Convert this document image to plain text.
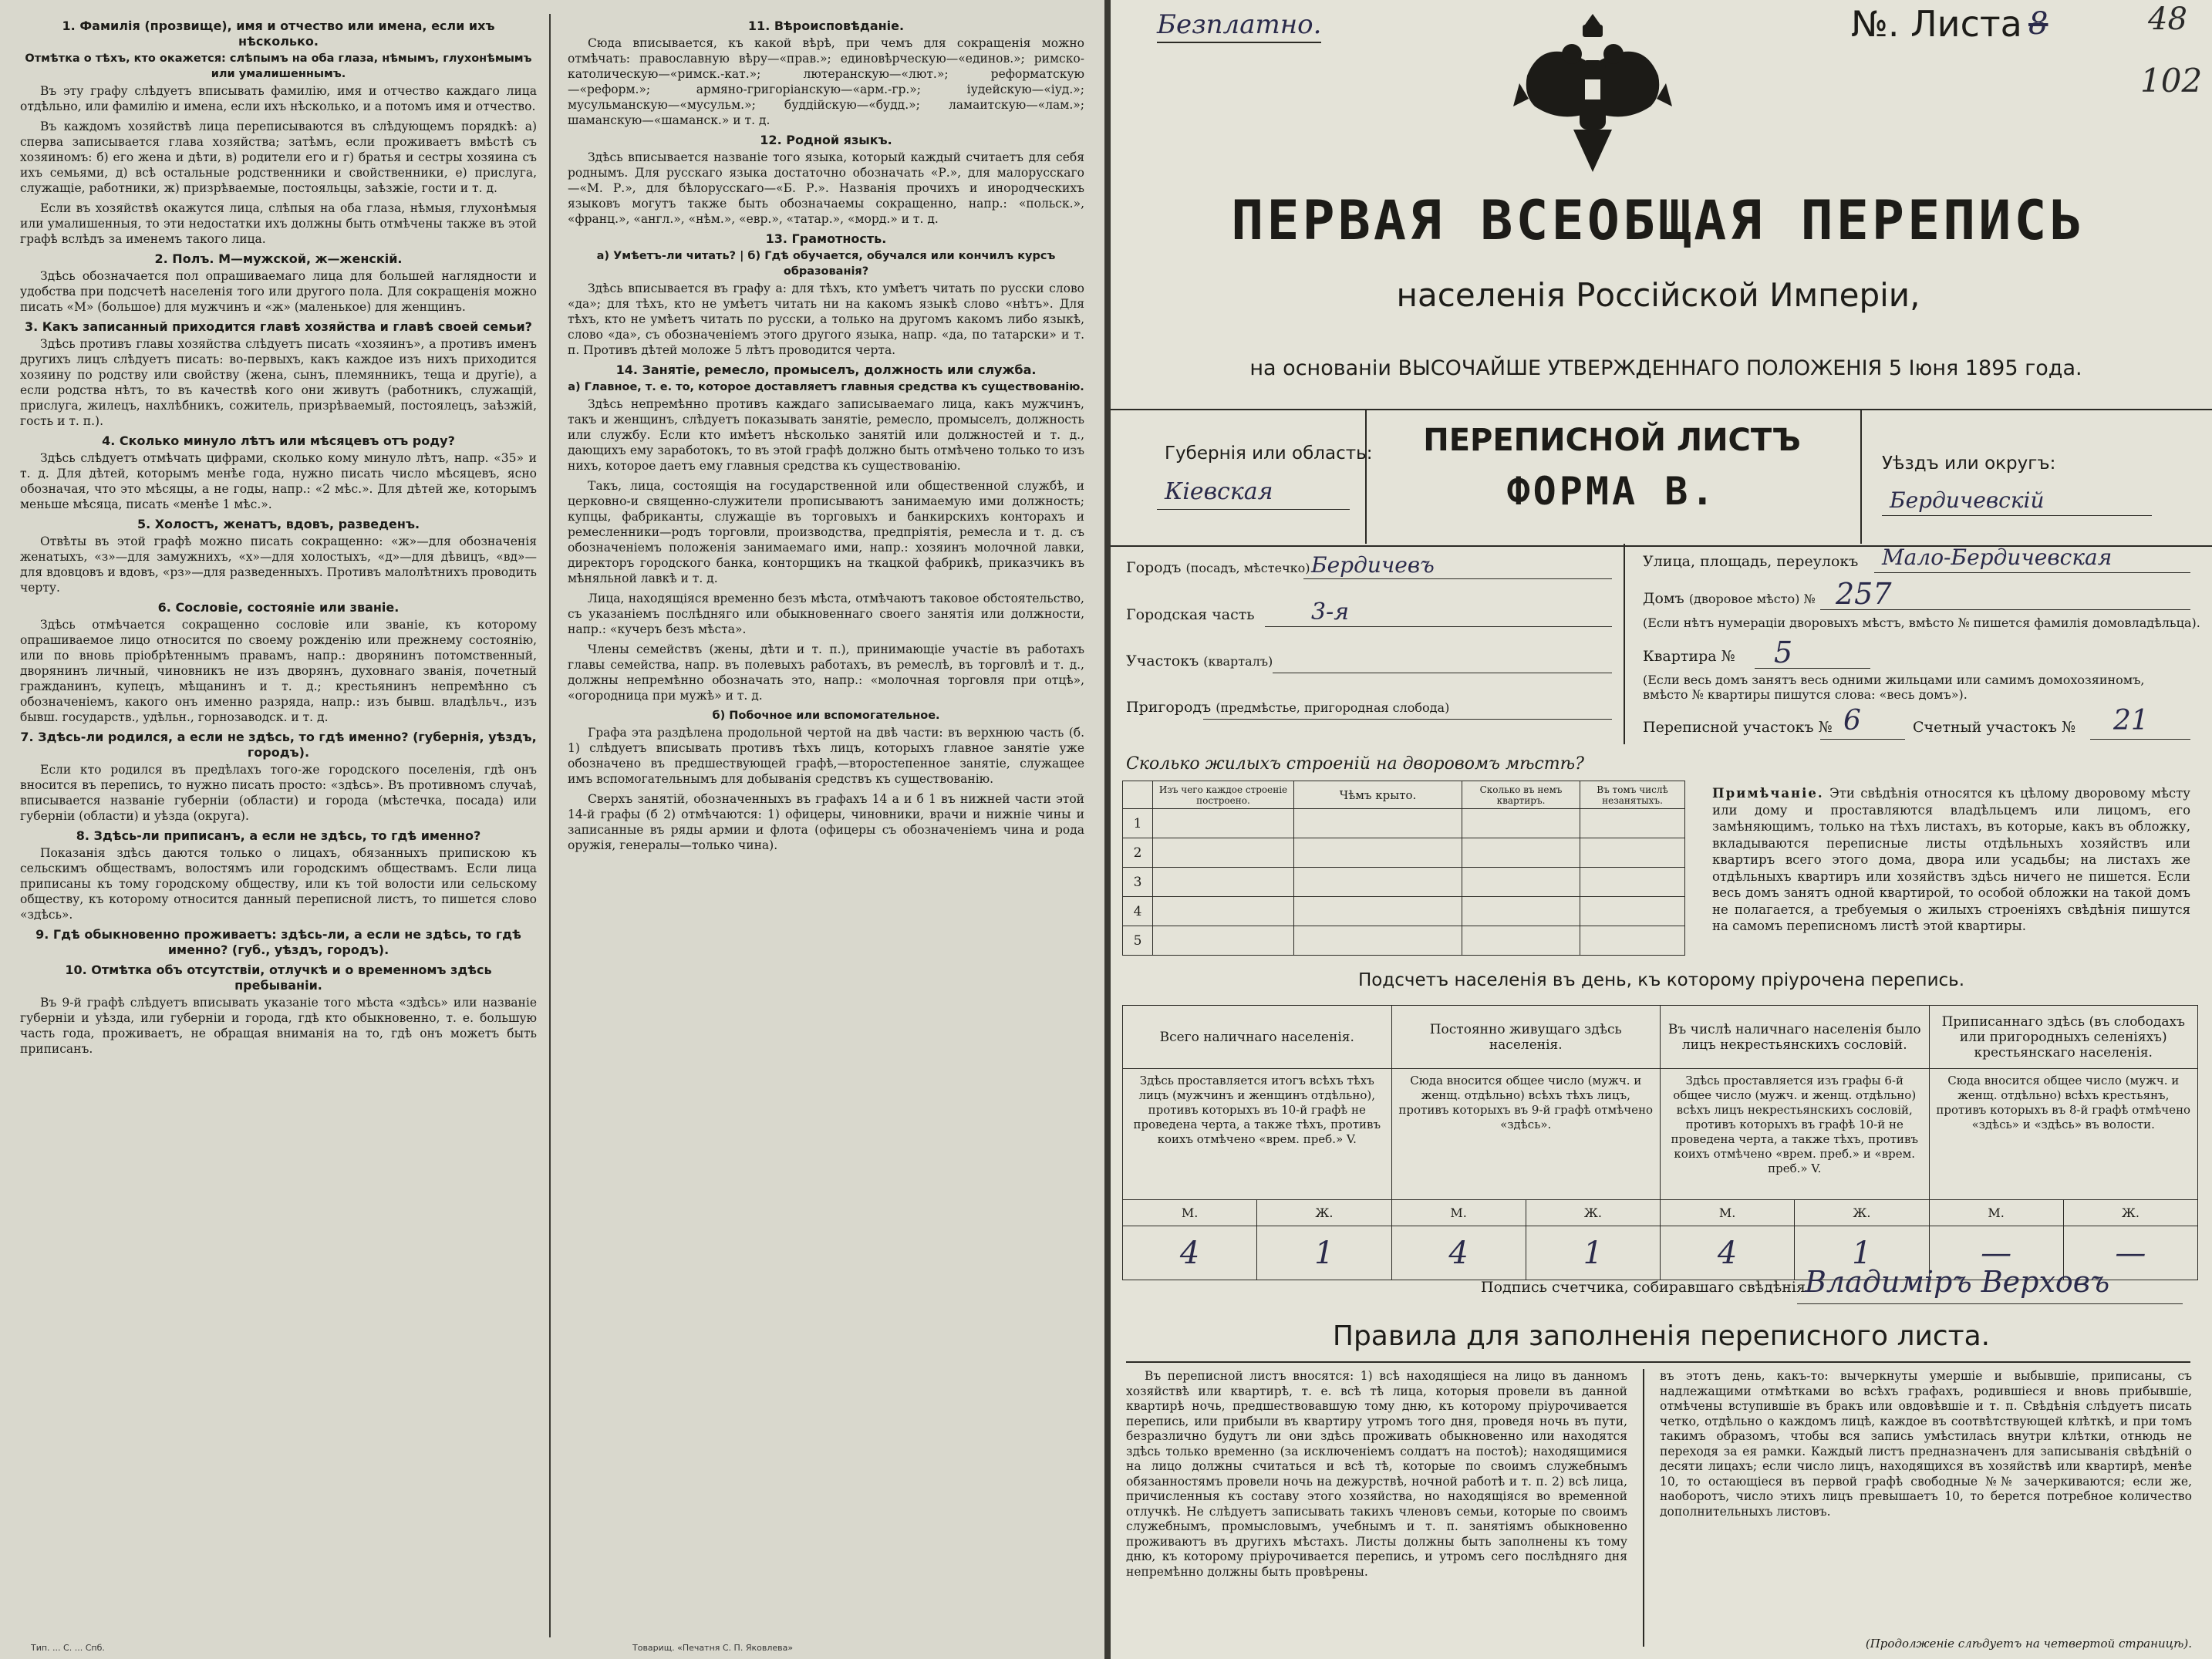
1. Фамилія (прозвище), имя и отчество или имена, если ихъ нѣсколько.
Отмѣтка о тѣхъ, кто окажется: слѣпымъ на оба глаза, нѣмымъ, глухонѣмымъ или умалишеннымъ.

Въ эту графу слѣдуетъ вписывать фамилію, имя и отчество каждаго лица отдѣльно, или фамилію и имена, если ихъ нѣсколько, и а потомъ имя и отчество.

Въ каждомъ хозяйствѣ лица переписываются въ слѣдующемъ порядкѣ: а) сперва записывается глава хозяйства; затѣмъ, если проживаетъ вмѣстѣ съ хозяиномъ: б) его жена и дѣти, в) родители его и г) братья и сестры хозяина съ ихъ семьями, д) всѣ остальные родственники и свойственники, е) прислуга, служащіе, работники, ж) призрѣваемые, постояльцы, заѣзжіе, гости и т. д.

Если въ хозяйствѣ окажутся лица, слѣпыя на оба глаза, нѣмыя, глухонѣмыя или умалишенныя, то эти недостатки ихъ должны быть отмѣчены также въ этой графѣ вслѣдъ за именемъ такого лица.

2. Полъ. М—мужской, ж—женскій.

Здѣсь обозначается пол опрашиваемаго лица для большей наглядности и удобства при подсчетѣ населенія того или другого пола. Для сокращенія можно писать «М» (большое) для мужчинъ и «ж» (маленькое) для женщинъ.

3. Какъ записанный приходится главѣ хозяйства и главѣ своей семьи?

Здѣсь противъ главы хозяйства слѣдуетъ писать «хозяинъ», а противъ именъ другихъ лицъ слѣдуетъ писать: во-первыхъ, какъ каждое изъ нихъ приходится хозяину по родству или свойству (жена, сынъ, племянникъ, теща и другіе), а если родства нѣтъ, то въ качествѣ кого они живутъ (работникъ, служащій, прислуга, жилецъ, нахлѣбникъ, сожитель, призрѣваемый, постоялецъ, заѣзжій, гость и т. п.).

4. Сколько минуло лѣтъ или мѣсяцевъ отъ роду?

Здѣсь слѣдуетъ отмѣчать цифрами, сколько кому минуло лѣтъ, напр. «35» и т. д. Для дѣтей, которымъ менѣе года, нужно писать число мѣсяцевъ, ясно обозначая, что это мѣсяцы, а не годы, напр.: «2 мѣс.». Для дѣтей же, которымъ меньше мѣсяца, писать «менѣе 1 мѣс.».

5. Холостъ, женатъ, вдовъ, разведенъ.

Отвѣты въ этой графѣ можно писать сокращенно: «ж»—для обозначенія женатыхъ, «з»—для замужнихъ, «х»—для холостыхъ, «д»—для дѣвицъ, «вд»—для вдовцовъ и вдовъ, «рз»—для разведенныхъ. Противъ малолѣтнихъ проводить черту.

6. Сословіе, состояніе или званіе.

Здѣсь отмѣчается сокращенно сословіе или званіе, къ которому опрашиваемое лицо относится по своему рожденію или прежнему состоянію, или по вновь пріобрѣтеннымъ правамъ, напр.: дворянинъ потомственный, дворянинъ личный, чиновникъ не изъ дворянъ, духовнаго званія, почетный гражданинъ, купецъ, мѣщанинъ и т. д.; крестьянинъ непремѣнно съ обозначеніемъ, какого онъ именно разряда, напр.: изъ бывш. владѣльч., изъ бывш. государств., удѣльн., горнозаводск. и т. д.

7. Здѣсь-ли родился, а если не здѣсь, то гдѣ именно? (губернія, уѣздъ, городъ).

Если кто родился въ предѣлахъ того-же городского поселенія, гдѣ онъ вносится въ перепись, то нужно писать просто: «здѣсь». Въ противномъ случаѣ, вписывается названіе губерніи (области) и города (мѣстечка, посада) или губерніи (области) и уѣзда (округа).

8. Здѣсь-ли приписанъ, а если не здѣсь, то гдѣ именно?

Показанія здѣсь даются только о лицахъ, обязанныхъ припискою къ сельскимъ обществамъ, волостямъ или городскимъ обществамъ. Если лица приписаны къ тому городскому обществу, или къ той волости или сельскому обществу, къ которому относится данный переписной листъ, то пишется слово «здѣсь».

9. Гдѣ обыкновенно проживаетъ: здѣсь-ли, а если не здѣсь, то гдѣ именно? (губ., уѣздъ, городъ).
10. Отмѣтка объ отсутствіи, отлучкѣ и о временномъ здѣсь пребываніи.

Въ 9-й графѣ слѣдуетъ вписывать указаніе того мѣста «здѣсь» или названіе губерніи и уѣзда, или губерніи и города, гдѣ кто обыкновенно, т. е. большую часть года, проживаетъ, не обращая вниманія на то, гдѣ онъ можетъ быть приписанъ.

11. Вѣроисповѣданіе.

Сюда вписывается, къ какой вѣрѣ, при чемъ для сокращенія можно отмѣчать: православную вѣру—«прав.»; единовѣрческую—«единов.»; римско-католическую—«римск.-кат.»; лютеранскую—«лют.»; реформатскую—«реформ.»; армяно-григоріанскую—«арм.-гр.»; іудейскую—«іуд.»; мусульманскую—«мусульм.»; буддійскую—«будд.»; ламаитскую—«лам.»; шаманскую—«шаманск.» и т. д.

12. Родной языкъ.

Здѣсь вписывается названіе того языка, который каждый считаетъ для себя роднымъ. Для русскаго языка достаточно обозначать «Р.», для малорусскаго—«М. Р.», для бѣлорусскаго—«Б. Р.». Названія прочихъ и инородческихъ языковъ могутъ также быть обозначаемы сокращенно, напр.: «польск.», «франц.», «англ.», «нѣм.», «евр.», «татар.», «морд.» и т. д.

13. Грамотность.
а) Умѣетъ-ли читать? | б) Гдѣ обучается, обучался или кончилъ курсъ образованія?

Здѣсь вписывается въ графу а: для тѣхъ, кто умѣетъ читать по русски слово «да»; для тѣхъ, кто не умѣетъ читать ни на какомъ языкѣ слово «нѣтъ». Для тѣхъ, кто не умѣетъ читать по русски, а только на другомъ какомъ либо языкѣ, слово «да», съ обозначеніемъ этого другого языка, напр. «да, по татарски» и т. п. Противъ дѣтей моложе 5 лѣтъ проводится черта.

14. Занятіе, ремесло, промыселъ, должность или служба.
а) Главное, т. е. то, которое доставляетъ главныя средства къ существованію.

Здѣсь непремѣнно противъ каждаго записываемаго лица, какъ мужчинъ, такъ и женщинъ, слѣдуетъ показывать занятіе, ремесло, промыселъ, должность или службу. Если кто имѣетъ нѣсколько занятій или должностей и т. д., дающихъ ему заработокъ, то въ этой графѣ должно быть отмѣчено только то изъ нихъ, которое даетъ ему главныя средства къ существованію.

Такъ, лица, состоящія на государственной или общественной службѣ, и церковно-и священно-служители прописываютъ занимаемую ими должность; купцы, фабриканты, служащіе въ торговыхъ и банкирскихъ конторахъ и ремесленники—родъ торговли, производства, предпріятія, ремесла и т. д. съ обозначеніемъ положенія занимаемаго ими, напр.: хозяинъ молочной лавки, директоръ городского банка, конторщикъ на ткацкой фабрикѣ, приказчикъ въ мѣняльной лавкѣ и т. д.

Лица, находящіяся временно безъ мѣста, отмѣчаютъ таковое обстоятельство, съ указаніемъ послѣдняго или обыкновеннаго своего занятія или должности, напр.: «кучеръ безъ мѣста».

Члены семействъ (жены, дѣти и т. п.), принимающіе участіе въ работахъ главы семейства, напр. въ полевыхъ работахъ, въ ремеслѣ, въ торговлѣ и т. д., должны непремѣнно обозначать это, напр.: «молочная торговля при отцѣ», «огородница при мужѣ» и т. д.

б) Побочное или вспомогательное.

Графа эта раздѣлена продольной чертой на двѣ части: въ верхнюю часть (б. 1) слѣдуетъ вписывать противъ тѣхъ лицъ, которыхъ главное занятіе уже обозначено въ предшествующей графѣ,—второстепенное занятіе, служащее имъ вспомогательнымъ для добыванія средствъ къ существованію.

Сверхъ занятій, обозначенныхъ въ графахъ 14 а и б 1 въ нижней части этой 14-й графы (б 2) отмѣчаются: 1) офицеры, чиновники, врачи и нижніе чины и записанные въ ряды армии и флота (офицеры съ обозначеніемъ чина и рода оружія, генералы—только чина).

Тип. ... С. ... Спб.	Товарищ. «Печатня С. П. Яковлева»
Безплатно.	№. Листа 8	48
102
ПЕРВАЯ ВСЕОБЩАЯ ПЕРЕПИСЬ
населенія Россійской Имперіи,
на основаніи ВЫСОЧАЙШЕ УТВЕРЖДЕННАГО ПОЛОЖЕНІЯ 5 Іюня 1895 года.
Губернія или область:
Кіевская
ПЕРЕПИСНОЙ ЛИСТЪ
ФОРМА В.
Уѣздъ или округъ:
Бердичевскій
Городъ (посадъ, мѣстечко) Бердичевъ
Городская часть 3-я
Участокъ (кварталъ)
Пригородъ (предмѣстье, пригородная слобода)
Улица, площадь, переулокъ Мало-Бердичевская
Домъ (дворовое мѣсто) № 257
(Если нѣтъ нумераціи дворовыхъ мѣстъ, вмѣсто № пишется фамилія домовладѣльца).
Квартира № 5
(Если весь домъ занятъ весь одними жильцами или самимъ домохозяиномъ, вмѣсто № квартиры пишутся слова: «весь домъ»).
Переписной участокъ № 6	Счетный участокъ № 21
Сколько жилыхъ строеній на дворовомъ мѣстѣ?
	Изъ чего каждое строеніе построено.	Чѣмъ крыто.	Сколько въ немъ квартиръ.	Въ томъ числѣ незанятыхъ.
1				
2				
3				
4				
5				
Примѣчаніе. Эти свѣдѣнія относятся къ цѣлому дворовому мѣсту или дому и проставляются владѣльцемъ или лицомъ, его замѣняющимъ, только на тѣхъ листахъ, въ которые, какъ въ обложку, вкладываются переписные листы отдѣльныхъ хозяйствъ или квартиръ всего этого дома, двора или усадьбы; на листахъ же отдѣльныхъ квартиръ или хозяйствъ здѣсь ничего не пишется. Если весь домъ занятъ одной квартирой, то особой обложки на такой домъ не полагается, а требуемыя о жилыхъ строеніяхъ свѣдѣнія пишутся на самомъ переписномъ листѣ этой квартиры.
Подсчетъ населенія въ день, къ которому пріурочена перепись.
Всего наличнаго населенія.		Постоянно живущаго здѣсь населенія.		Въ числѣ наличнаго населенія было лицъ некрестьянскихъ сословій.		Приписаннаго здѣсь (въ слободахъ или пригородныхъ селеніяхъ) крестьянскаго населенія.	
Здѣсь проставляется итогъ всѣхъ тѣхъ лицъ (мужчинъ и женщинъ отдѣльно), противъ которыхъ въ 10-й графѣ не проведена черта, а также тѣхъ, противъ коихъ отмѣчено «врем. преб.» V.		Сюда вносится общее число (мужч. и женщ. отдѣльно) всѣхъ тѣхъ лицъ, противъ которыхъ въ 9-й графѣ отмѣчено «здѣсь».		Здѣсь проставляется изъ графы 6-й общее число (мужч. и женщ. отдѣльно) всѣхъ лицъ некрестьянскихъ сословій, противъ которыхъ въ графѣ 10-й не проведена черта, а также тѣхъ, противъ коихъ отмѣчено «врем. преб.» и «врем. преб.» V.		Сюда вносится общее число (мужч. и женщ. отдѣльно) всѣхъ крестьянъ, противъ которыхъ въ 8-й графѣ отмѣчено «здѣсь» и «здѣсь» въ волости.	
М.	Ж.	М.	Ж.	М.	Ж.	М.	Ж.
4	1	4	1	4	1	—	—
Подпись счетчика, собиравшаго свѣдѣнія Владиміръ Верховъ
Правила для заполненія переписного листа.
Въ переписной листъ вносятся: 1) всѣ находящіеся на лицо въ данномъ хозяйствѣ или квартирѣ, т. е. всѣ тѣ лица, которыя провели въ данной квартирѣ ночь, предшествовавшую тому дню, къ которому пріурочивается перепись, или прибыли въ квартиру утромъ того дня, проведя ночь въ пути, безразлично будутъ ли они здѣсь проживать обыкновенно или находятся здѣсь только временно (за исключеніемъ солдатъ на постоѣ); находящимися на лицо должны считаться и всѣ тѣ, которые по своимъ служебнымъ обязанностямъ провели ночь на дежурствѣ, ночной работѣ и т. п. 2) всѣ лица, причисленныя къ составу этого хозяйства, но находящіяся во временной отлучкѣ. Не слѣдуетъ записывать такихъ членовъ семьи, которые по своимъ служебнымъ, промысловымъ, учебнымъ и т. п. занятіямъ обыкновенно проживаютъ въ другихъ мѣстахъ. Листы должны быть заполнены къ тому дню, къ которому пріурочивается перепись, и утромъ сего послѣдняго дня непремѣнно должны быть провѣрены.
въ этотъ день, какъ-то: вычеркнуты умершіе и выбывшіе, приписаны, съ надлежащими отмѣтками во всѣхъ графахъ, родившіеся и вновь прибывшіе, отмѣчены вступившіе въ бракъ или овдовѣвшіе и т. п. Свѣдѣнія слѣдуетъ писать четко, отдѣльно о каждомъ лицѣ, каждое въ соотвѣтствующей клѣткѣ, и при томъ такимъ образомъ, чтобы вся запись умѣстилась внутри клѣтки, отнюдь не переходя за ея рамки. Каждый листъ предназначенъ для записыванія свѣдѣній о десяти лицахъ; если число лицъ, находящихся въ хозяйствѣ или квартирѣ, менѣе 10, то остающіеся въ первой графѣ свободные №№ зачеркиваются; если же, наоборотъ, число этихъ лицъ превышаетъ 10, то берется потребное количество дополнительныхъ листовъ.
(Продолженіе слѣдуетъ на четвертой страницѣ).
